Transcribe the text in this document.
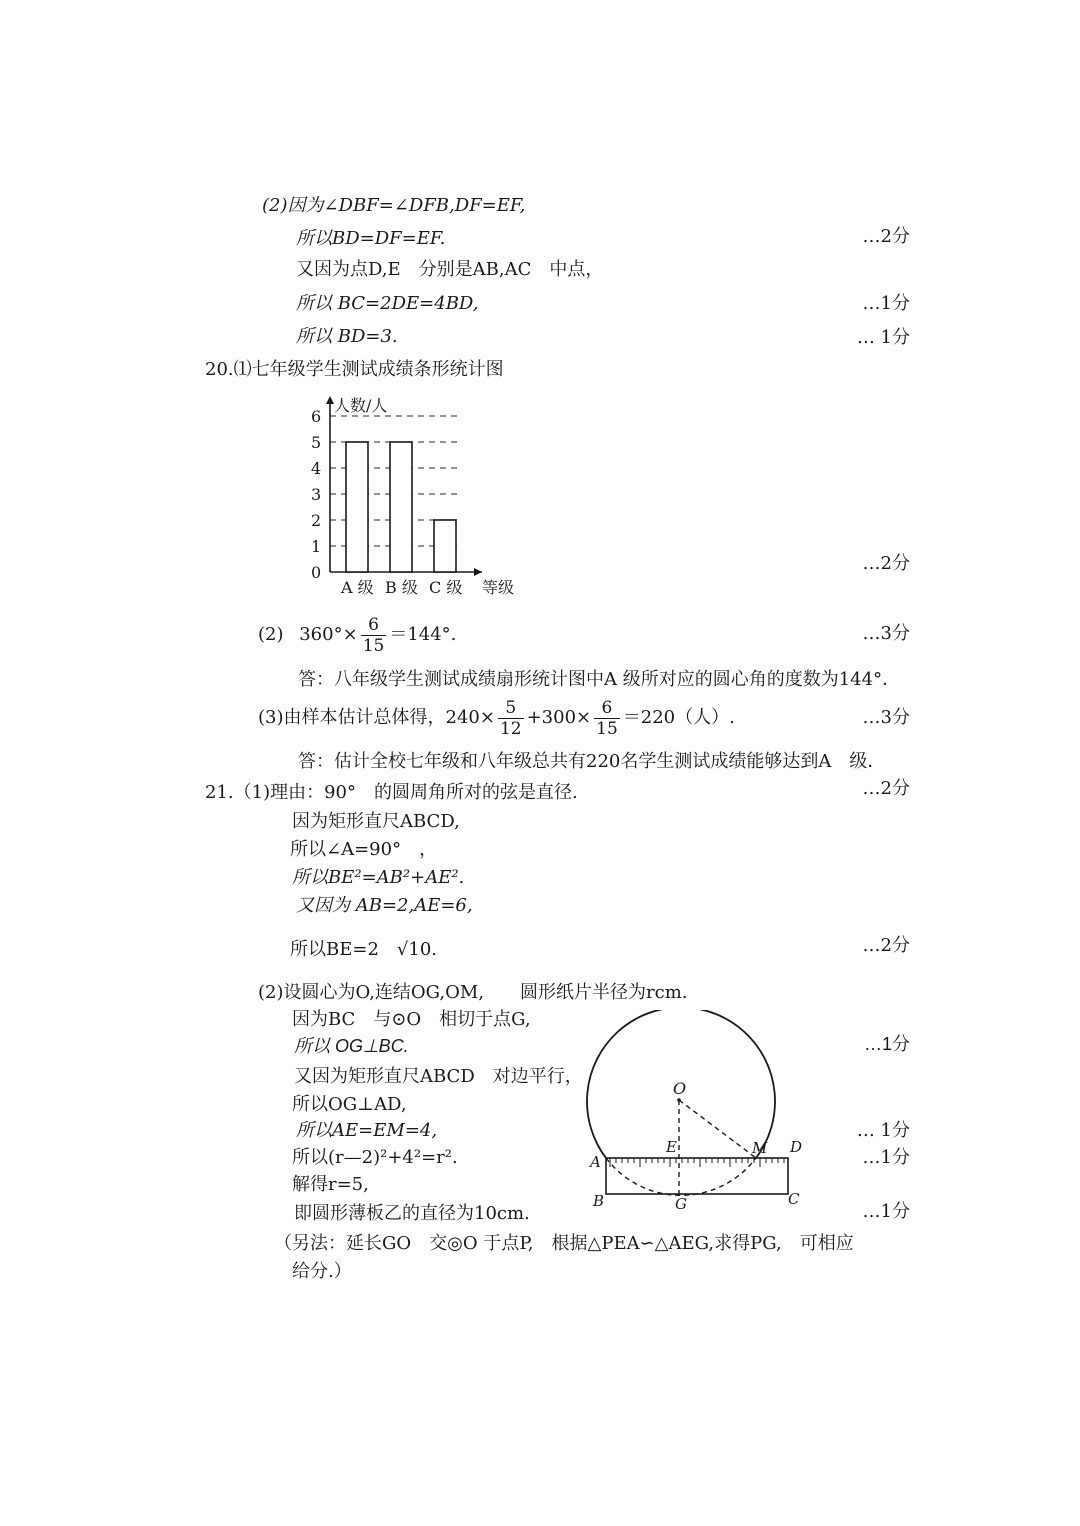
(2)因为∠DBF=∠DFB,DF=EF,
所以BD=DF=EF.	…2分
又因为点D,E　分别是AB,AC　中点，
所以 BC=2DE=4BD,	…1分
所以 BD=3.	… 1分
20.⑴七年级学生测试成绩条形统计图
0
1
2
3
4
5
6
人数/人
A 级 B 级 C 级 等级
…2分
(2) $360^\circ\times \frac{6}{15} =144^\circ$.	…3分
答：八年级学生测试成绩扇形统计图中A 级所对应的圆心角的度数为144°．
(3)由样本估计总体得，$240\times \frac{5}{12} +300\times \frac{6}{15} =220$（人）.	…3分
答：估计全校七年级和八年级总共有220名学生测试成绩能够达到A　级．
21.（1)理由：90°　的圆周角所对的弦是直径.	…2分
因为矩形直尺ABCD,
所以∠A=90°　，
所以BE²=AB²+AE².
又因为 AB=2,AE=6,
所以BE=2　√10.	…2分
(2)设圆心为O,连结OG,OM,　　圆形纸片半径为rcm.
因为BC　与⊙O　相切于点G,
所以 OG⊥BC.	…1分
又因为矩形直尺ABCD　对边平行，
所以OG⊥AD,
所以AE=EM=4,	… 1分
所以(r—2)²+4²=r².	…1分
解得r=5,
即圆形薄板乙的直径为10cm.	…1分
（另法：延长GO　交◎O 于点P,　根据△PEA∽△AEG,求得PG,　可相应
给分.）
O
E	M D
A
B	G	C
